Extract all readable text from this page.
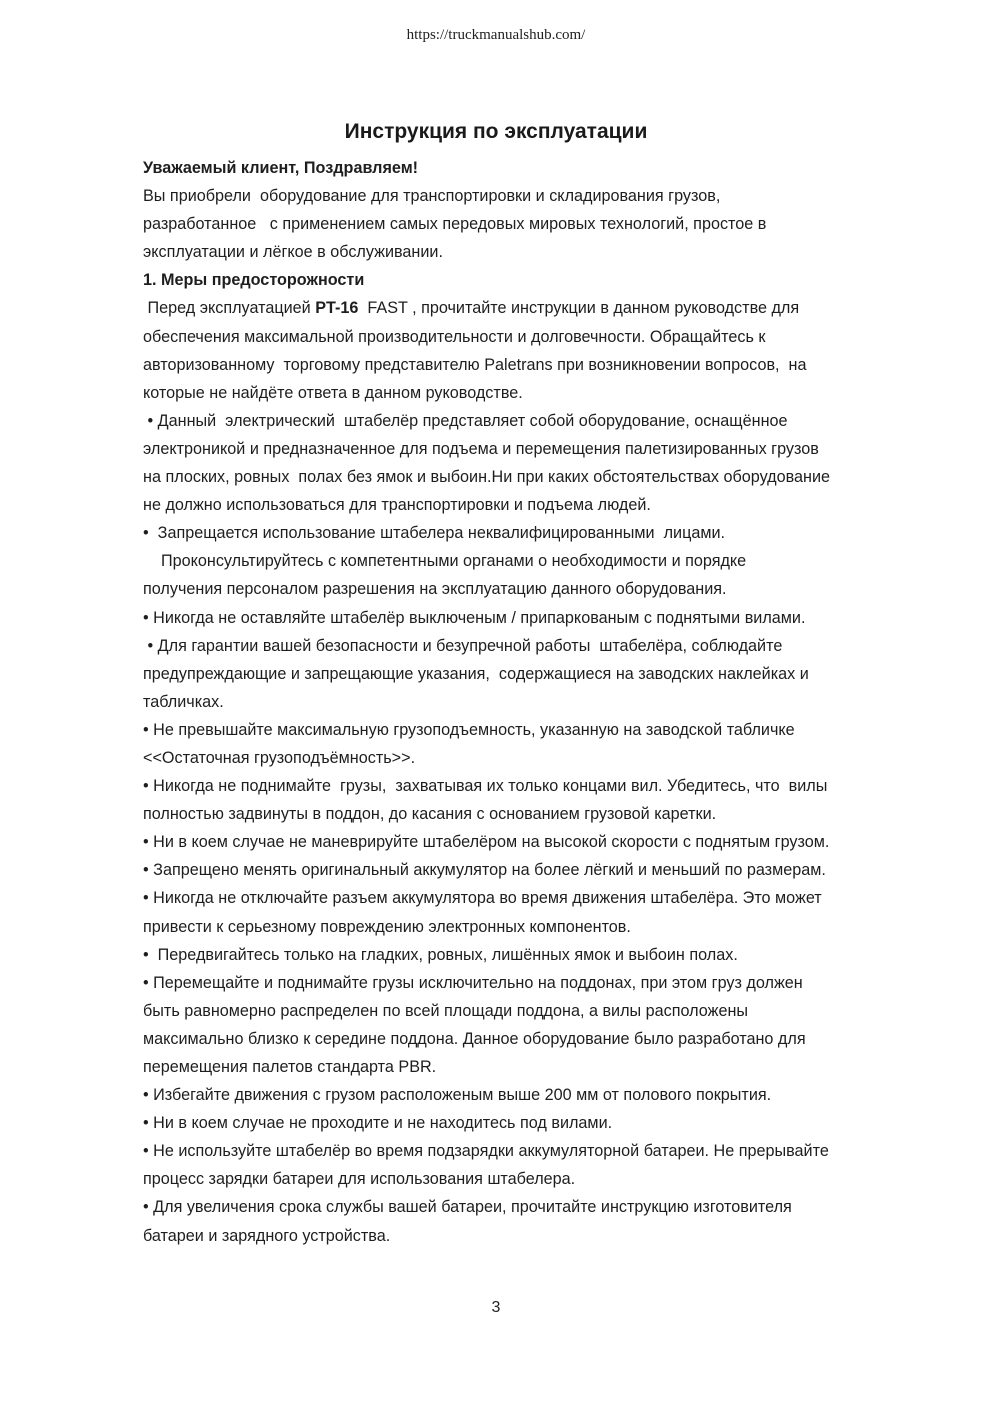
https://truckmanualshub.com/
Инструкция по эксплуатации
Уважаемый клиент, Поздравляем!
Вы приобрели  оборудование для транспортировки и складирования грузов,
разработанное   с применением самых передовых мировых технологий, простое в
эксплуатации и лёгкое в обслуживании.
1. Меры предосторожности
Перед эксплуатацией PT-16  FAST , прочитайте инструкции в данном руководстве для
обеспечения максимальной производительности и долговечности. Обращайтесь к
авторизованному  торговому представителю Paletrans при возникновении вопросов,  на
которые не найдёте ответа в данном руководстве.
• Данный  электрический  штабелёр представляет собой оборудование, оснащённое
электроникой и предназначенное для подъема и перемещения палетизированных грузов
на плоских, ровных  полах без ямок и выбоин.Ни при каких обстоятельствах оборудование
не должно использоваться для транспортировки и подъема людей.
•  Запрещается использование штабелера неквалифицированными  лицами.
Проконсультируйтесь с компетентными органами о необходимости и порядке
получения персоналом разрешения на эксплуатацию данного оборудования.
• Никогда не оставляйте штабелёр выключеным / припаркованым с поднятыми вилами.
• Для гарантии вашей безопасности и безупречной работы  штабелёра, соблюдайте
предупреждающие и запрещающие указания,  содержащиеся на заводских наклейках и
табличках.
• Не превышайте максимальную грузоподъемность, указанную на заводской табличке
<<Остаточная грузоподъёмность>>.
• Никогда не поднимайте  грузы,  захватывая их только концами вил. Убедитесь, что  вилы
полностью задвинуты в поддон, до касания с основанием грузовой каретки.
• Ни в коем случае не маневрируйте штабелёром на высокой скорости с поднятым грузом.
• Запрещено менять оригинальный аккумулятор на более лёгкий и меньший по размерам.
• Никогда не отключайте разъем аккумулятора во время движения штабелёра. Это может
привести к серьезному повреждению электронных компонентов.
•  Передвигайтесь только на гладких, ровных, лишённых ямок и выбоин полах.
• Перемещайте и поднимайте грузы исключительно на поддонах, при этом груз должен
быть равномерно распределен по всей площади поддона, а вилы расположены
максимально близко к середине поддона. Данное оборудование было разработано для
перемещения палетов стандарта PBR.
• Избегайте движения с грузом расположеным выше 200 мм от полового покрытия.
• Ни в коем случае не проходите и не находитесь под вилами.
• Не используйте штабелёр во время подзарядки аккумуляторной батареи. Не прерывайте
процесс зарядки батареи для использования штабелера.
• Для увеличения срока службы вашей батареи, прочитайте инструкцию изготовителя
батареи и зарядного устройства.
3
